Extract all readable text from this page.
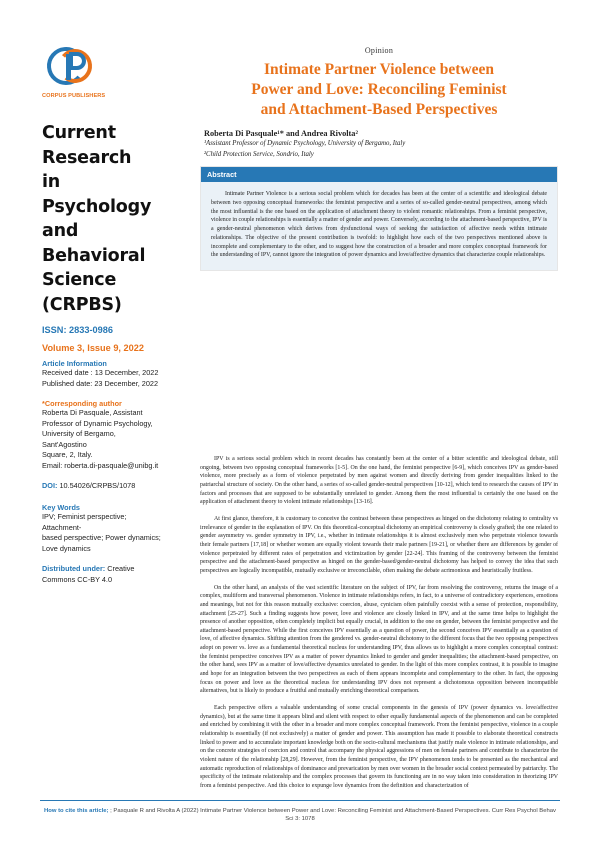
CORPUS PUBLISHERS
Current Research
in Psychology and
Behavioral Science
(CRPBS)
ISSN: 2833-0986
Volume 3, Issue 9, 2022
Article Information
Received date : 13 December, 2022
Published date: 23 December, 2022
*Corresponding author
Roberta Di Pasquale, Assistant
Professor of Dynamic Psychology,
University of Bergamo, Sant'Agostino
Square, 2, Italy.
Email: roberta.di-pasquale@unibg.it
DOI: 10.54026/CRPBS/1078
Key Words
IPV; Feminist perspective; Attachment-
based perspective; Power dynamics;
Love dynamics
Distributed under: Creative Commons CC-BY 4.0
Opinion
Intimate Partner Violence between
Power and Love: Reconciling Feminist
and Attachment-Based Perspectives
Roberta Di Pasquale¹* and Andrea Rivolta²
¹Assistant Professor of Dynamic Psychology, University of Bergamo, Italy
²Child Protection Service, Sondrio, Italy
Abstract
Intimate Partner Violence is a serious social problem which for decades has been at the center of a scientific and ideological debate between two opposing conceptual frameworks: the feminist perspective and a series of so-called gender-neutral perspectives, among which the most influential is the one based on the application of attachment theory to violent romantic relationships. From a feminist perspective, violence in couple relationships is essentially a matter of gender and power. Conversely, according to the attachment-based perspective, IPV is a gender-neutral phenomenon which derives from dysfunctional ways of seeking the satisfaction of affective needs within intimate relationships. The objective of the present contribution is twofold: to highlight how each of the two perspectives mentioned above is incomplete and complementary to the other, and to suggest how the construction of a broader and more complex conceptual framework for the understanding of IPV, cannot ignore the integration of power dynamics and love/affective dynamics that characterize couple relationships.

IPV is a serious social problem which in recent decades has constantly been at the center of a bitter scientific and ideological debate, still ongoing, between two opposing conceptual frameworks [1-5]. On the one hand, the feminist perspective [6-9], which conceives IPV as gender-based violence, more precisely as a form of violence perpetrated by men against women and directly deriving from gender inequalities linked to the patriarchal structure of society. On the other hand, a series of so-called gender-neutral perspectives [10-12], which tend to research the causes of IPV in factors and processes that are supposed to be substantially unrelated to gender. Among them the most influential is certainly the one based on the application of attachment theory to violent intimate relationships [13-16].

At first glance, therefore, it is customary to conceive the contrast between these perspectives as hinged on the dichotomy relating to centrality vs irrelevance of gender in the explanation of IPV. On this theoretical-conceptual dichotomy an empirical controversy is closely grafted; the one related to gender asymmetry vs. gender symmetry in IPV, i.e., whether in intimate relationships it is almost exclusively men who perpetrate violence towards their female partners [17,18] or whether women are equally violent towards their male partners [19-21], or whether there are differences by gender of violence perpetrated by different rates of perpetration and victimization by gender [22-24]. This framing of the controversy between the feminist perspective and the attachment-based perspective as hinged on the gender-based/gender-neutral dichotomy has helped to convey the idea that such perspectives are logically incompatible, mutually exclusive or irreconcilable, often making the debate acrimonious and heuristically fruitless.

On the other hand, an analysis of the vast scientific literature on the subject of IPV, far from resolving the controversy, returns the image of a complex, multiform and transversal phenomenon. Violence in intimate relationships refers, in fact, to a universe of contradictory experiences, emotions and meanings, but not for this reason mutually exclusive: coercion, abuse, cynicism often painfully coexist with a sense of protection, responsibility, attachment [25-27]. Such a finding suggests how power, love and violence are closely linked in IPV, and at the same time helps to highlight the presence of another opposition, often completely implicit but equally crucial, in addition to the one on gender, between the feminist perspective and the attachment-based perspective. While the first conceives IPV essentially as a question of power, the second conceives IPV essentially as a question of love, of affective dynamics. Shifting attention from the gendered vs. gender-neutral dichotomy to the different focus that the two opposing perspectives adopt on power vs. love as a fundamental theoretical nucleus for understanding IPV, thus allows us to highlight a more complex conceptual contrast: the feminist perspective conceives IPV as a matter of power dynamics linked to gender and gender inequalities; the attachment-based perspective, on the other hand, sees IPV as a matter of love/affective dynamics unrelated to gender. In the light of this more complex contrast, it is possible to imagine and hope for an integration between the two perspectives as each of them appears incomplete and complementary to the other. In fact, the opposing focus on power and love as the theoretical nucleus for understanding IPV does not represent a dichotomous opposition between incompatible alternatives, but is likely to produce a fruitful and mutually enriching theoretical comparison.

Each perspective offers a valuable understanding of some crucial components in the genesis of IPV (power dynamics vs. love/affective dynamics), but at the same time it appears blind and silent with respect to other equally fundamental aspects of the phenomenon and can be completed and enriched by combining it with the other in a broader and more complex conceptual framework. From the feminist perspective, violence in a couple relationship is essentially (if not exclusively) a matter of gender and power. This assumption has made it possible to elaborate theoretical constructs linked to power and to accumulate important knowledge both on the socio-cultural mechanisms that justify male violence in intimate relationships, and on the concrete strategies of coercion and control that accompany the physical aggressions of men on female partners and contribute to characterize the violent nature of the relationship [28,29]. However, from the feminist perspective, the IPV phenomenon tends to be presented as the mechanical and automatic reproduction of relationships of dominance and prevarication by men over women in the broader social context permeated by patriarchy. The specificity of the intimate relationship and the complex processes that govern its functioning are in no way taken into consideration in theorizing IPV from a feminist perspective. And this choice to expunge love dynamics from the definition and characterization of

How to cite this article; ; Pasquale R and Rivolta A (2022) Intimate Partner Violence between Power and Love: Reconciling Feminist and Attachment-Based Perspectives. Curr Res Psychol Behav Sci 3: 1078
